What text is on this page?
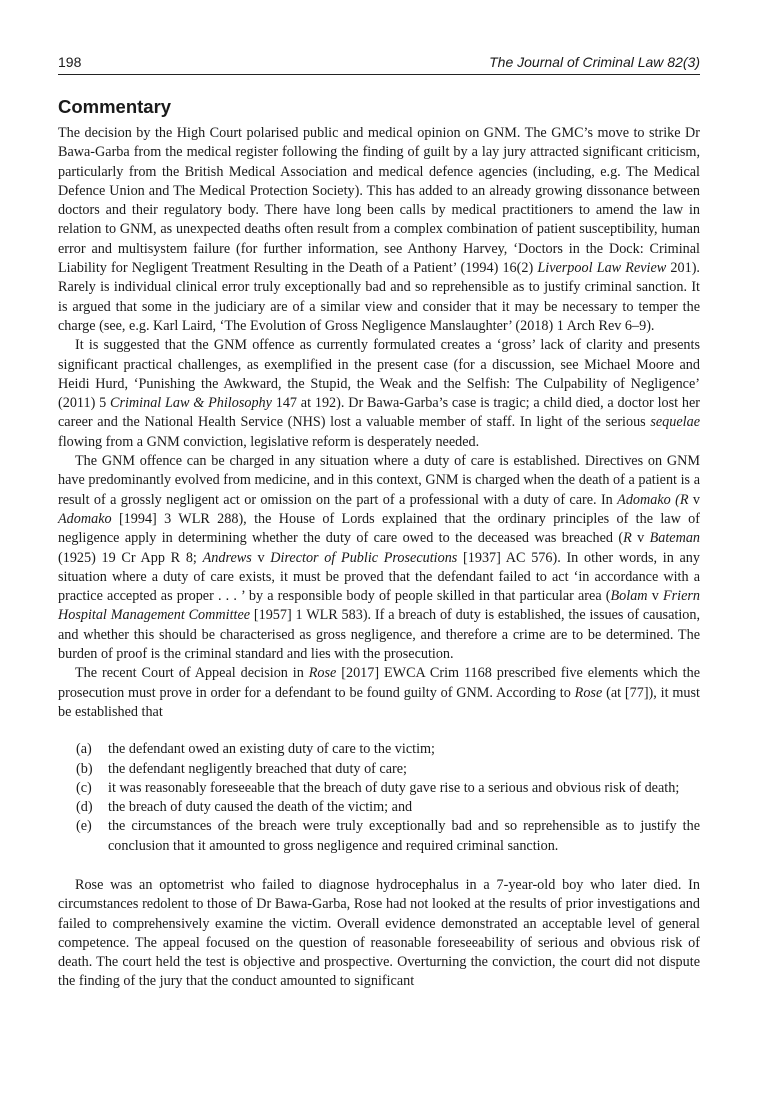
198	The Journal of Criminal Law 82(3)
Commentary

The decision by the High Court polarised public and medical opinion on GNM. The GMC’s move to strike Dr Bawa-Garba from the medical register following the finding of guilt by a lay jury attracted significant criticism, particularly from the British Medical Association and medical defence agencies (including, e.g. The Medical Defence Union and The Medical Protection Society). This has added to an already growing dissonance between doctors and their regulatory body. There have long been calls by medical practitioners to amend the law in relation to GNM, as unexpected deaths often result from a complex combination of patient susceptibility, human error and multisystem failure (for further information, see Anthony Harvey, ‘Doctors in the Dock: Criminal Liability for Negligent Treatment Resulting in the Death of a Patient’ (1994) 16(2) Liverpool Law Review 201). Rarely is individual clinical error truly exceptionally bad and so reprehensible as to justify criminal sanction. It is argued that some in the judiciary are of a similar view and consider that it may be necessary to temper the charge (see, e.g. Karl Laird, ‘The Evolution of Gross Negligence Manslaughter’ (2018) 1 Arch Rev 6–9).

It is suggested that the GNM offence as currently formulated creates a ‘gross’ lack of clarity and presents significant practical challenges, as exemplified in the present case (for a discussion, see Michael Moore and Heidi Hurd, ‘Punishing the Awkward, the Stupid, the Weak and the Selfish: The Culpability of Negligence’ (2011) 5 Criminal Law & Philosophy 147 at 192). Dr Bawa-Garba’s case is tragic; a child died, a doctor lost her career and the National Health Service (NHS) lost a valuable member of staff. In light of the serious sequelae flowing from a GNM conviction, legislative reform is desperately needed.

The GNM offence can be charged in any situation where a duty of care is established. Directives on GNM have predominantly evolved from medicine, and in this context, GNM is charged when the death of a patient is a result of a grossly negligent act or omission on the part of a professional with a duty of care. In Adomako (R v Adomako [1994] 3 WLR 288), the House of Lords explained that the ordinary principles of the law of negligence apply in determining whether the duty of care owed to the deceased was breached (R v Bateman (1925) 19 Cr App R 8; Andrews v Director of Public Prosecutions [1937] AC 576). In other words, in any situation where a duty of care exists, it must be proved that the defendant failed to act ‘in accordance with a practice accepted as proper . . . ’ by a responsible body of people skilled in that particular area (Bolam v Friern Hospital Management Committee [1957] 1 WLR 583). If a breach of duty is established, the issues of causation, and whether this should be characterised as gross negligence, and therefore a crime are to be determined. The burden of proof is the criminal standard and lies with the prosecution.

The recent Court of Appeal decision in Rose [2017] EWCA Crim 1168 prescribed five elements which the prosecution must prove in order for a defendant to be found guilty of GNM. According to Rose (at [77]), it must be established that

(a) the defendant owed an existing duty of care to the victim;
(b) the defendant negligently breached that duty of care;
(c) it was reasonably foreseeable that the breach of duty gave rise to a serious and obvious risk of death;
(d) the breach of duty caused the death of the victim; and
(e) the circumstances of the breach were truly exceptionally bad and so reprehensible as to justify the conclusion that it amounted to gross negligence and required criminal sanction.

Rose was an optometrist who failed to diagnose hydrocephalus in a 7-year-old boy who later died. In circumstances redolent to those of Dr Bawa-Garba, Rose had not looked at the results of prior investigations and failed to comprehensively examine the victim. Overall evidence demonstrated an acceptable level of general competence. The appeal focused on the question of reasonable foreseeability of serious and obvious risk of death. The court held the test is objective and prospective. Overturning the conviction, the court did not dispute the finding of the jury that the conduct amounted to significant
